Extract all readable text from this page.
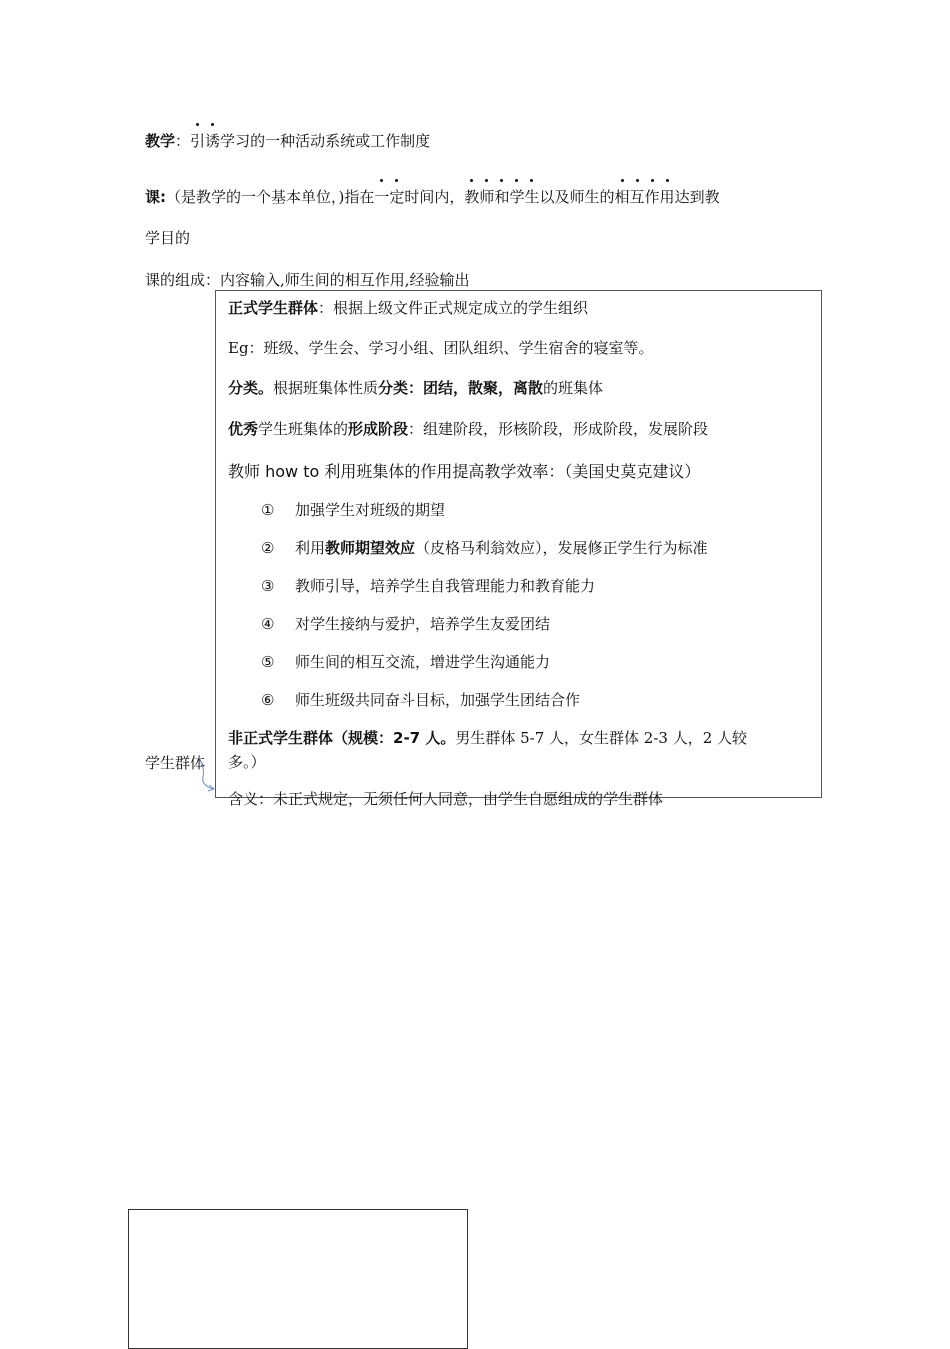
教学：引诱学习的一种活动系统或工作制度
课:（是教学的一个基本单位，)指在一定时间内，教师和学生以及师生的相互作用达到教
学目的
课的组成：内容输入,师生间的相互作用,经验输出
学生群体
正式学生群体：根据上级文件正式规定成立的学生组织
Eg：班级、学生会、学习小组、团队组织、学生宿舍的寝室等。
分类。根据班集体性质分类：团结，散聚，离散的班集体
优秀学生班集体的形成阶段：组建阶段，形核阶段，形成阶段，发展阶段
教师 how to 利用班集体的作用提高教学效率：（美国史莫克建议）
① 加强学生对班级的期望
② 利用教师期望效应（皮格马利翁效应），发展修正学生行为标准
③ 教师引导，培养学生自我管理能力和教育能力
④ 对学生接纳与爱护，培养学生友爱团结
⑤ 师生间的相互交流，增进学生沟通能力
⑥ 师生班级共同奋斗目标，加强学生团结合作
非正式学生群体（规模：2-7 人。男生群体 5-7 人，女生群体 2-3 人，2 人较
多。）
含义：未正式规定，无须任何人同意，由学生自愿组成的学生群体
